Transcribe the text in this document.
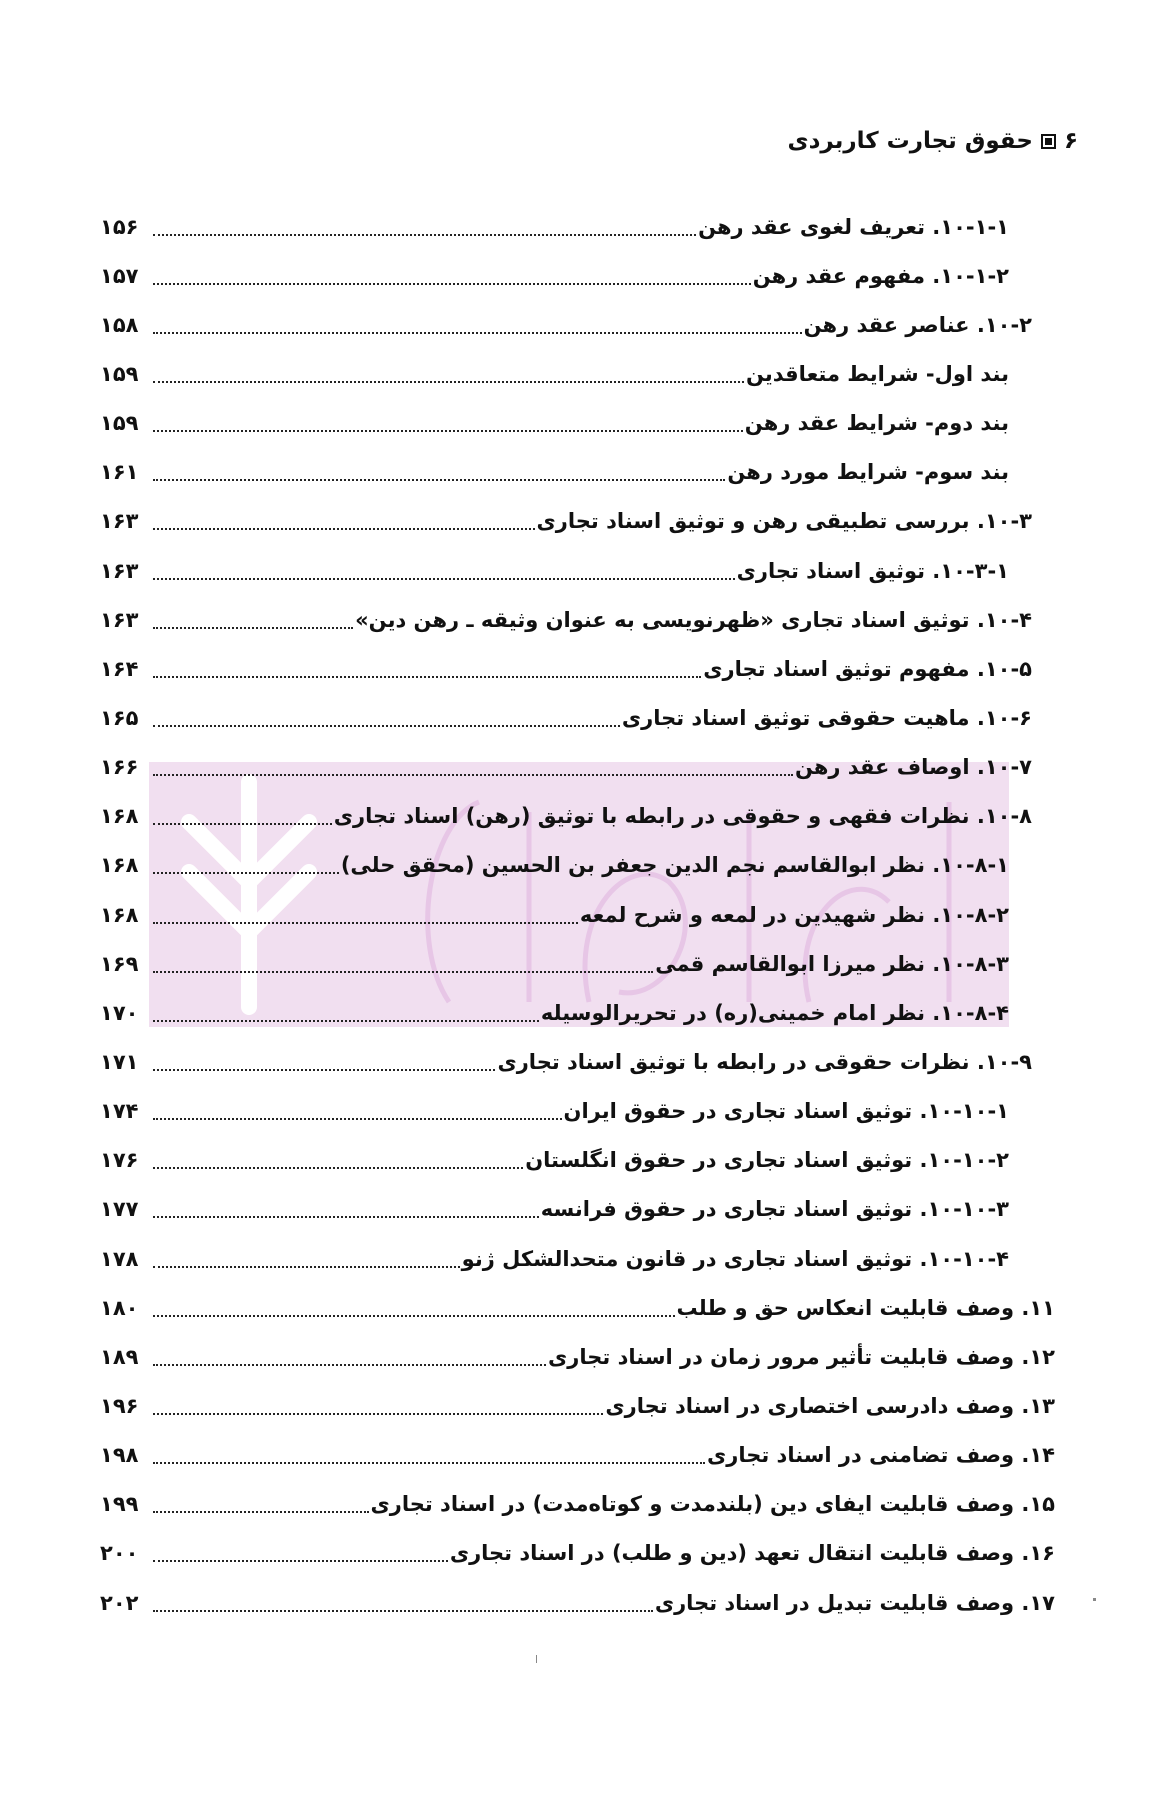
۶
حقوق تجارت کاربردی
۱۰-۱-۱. تعریف لغوی عقد رهن
۱۵۶
۱۰-۱-۲. مفهوم عقد رهن
۱۵۷
۱۰-۲. عناصر عقد رهن
۱۵۸
بند اول- شرایط متعاقدین
۱۵۹
بند دوم- شرایط عقد رهن
۱۵۹
بند سوم- شرایط مورد رهن
۱۶۱
۱۰-۳. بررسی تطبیقی رهن و توثیق اسناد تجاری
۱۶۳
۱۰-۳-۱. توثیق اسناد تجاری
۱۶۳
۱۰-۴. توثیق اسناد تجاری «ظهرنویسی به عنوان وثیقه ـ رهن دین»
۱۶۳
۱۰-۵. مفهوم توثیق اسناد تجاری
۱۶۴
۱۰-۶. ماهیت حقوقی توثیق اسناد تجاری
۱۶۵
۱۰-۷. اوصاف عقد رهن
۱۶۶
۱۰-۸. نظرات فقهی و حقوقی در رابطه با توثیق (رهن) اسناد تجاری
۱۶۸
۱۰-۸-۱. نظر ابوالقاسم نجم الدین جعفر بن الحسین (محقق حلی)
۱۶۸
۱۰-۸-۲. نظر شهیدین در لمعه و شرح لمعه
۱۶۸
۱۰-۸-۳. نظر میرزا ابوالقاسم قمی
۱۶۹
۱۰-۸-۴. نظر امام خمینی(ره) در تحریرالوسیله
۱۷۰
۱۰-۹. نظرات حقوقی در رابطه با توثیق اسناد تجاری
۱۷۱
۱۰-۱۰-۱. توثیق اسناد تجاری در حقوق ایران
۱۷۴
۱۰-۱۰-۲. توثیق اسناد تجاری در حقوق انگلستان
۱۷۶
۱۰-۱۰-۳. توثیق اسناد تجاری در حقوق فرانسه
۱۷۷
۱۰-۱۰-۴. توثیق اسناد تجاری در قانون متحدالشکل ژنو
۱۷۸
۱۱. وصف قابلیت انعکاس حق و طلب
۱۸۰
۱۲. وصف قابلیت تأثیر مرور زمان در اسناد تجاری
۱۸۹
۱۳. وصف دادرسی اختصاری در اسناد تجاری
۱۹۶
۱۴. وصف تضامنی در اسناد تجاری
۱۹۸
۱۵. وصف قابلیت ایفای دین (بلندمدت و کوتاه‌مدت) در اسناد تجاری
۱۹۹
۱۶. وصف قابلیت انتقال تعهد (دین و طلب) در اسناد تجاری
۲۰۰
۱۷. وصف قابلیت تبدیل در اسناد تجاری
۲۰۲
